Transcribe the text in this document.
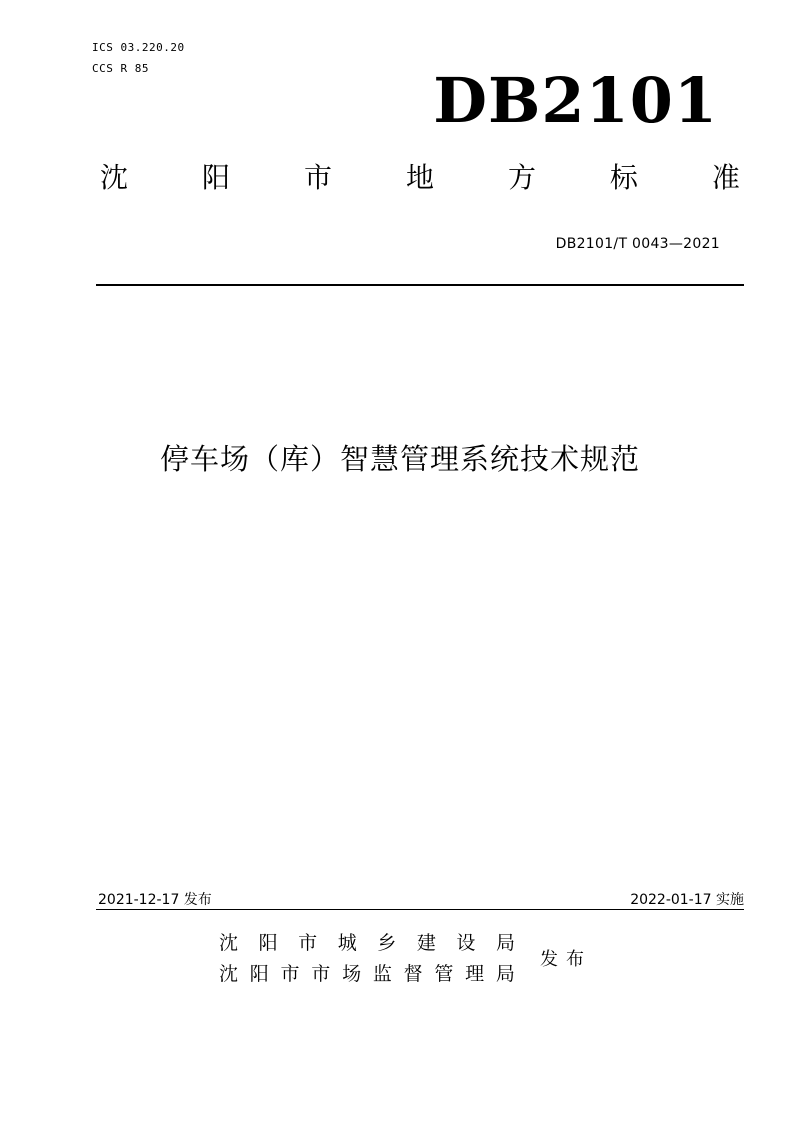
ICS 03.220.20
CCS R 85	DB2101
沈	阳	市	地	方	标	准
DB2101/T 0043—2021
停车场（库）智慧管理系统技术规范
2021-12-17 发布	2022-01-17 实施
沈 阳 市 城 乡 建 设 局
沈 阳 市 市 场 监 督 管 理 局
发布
